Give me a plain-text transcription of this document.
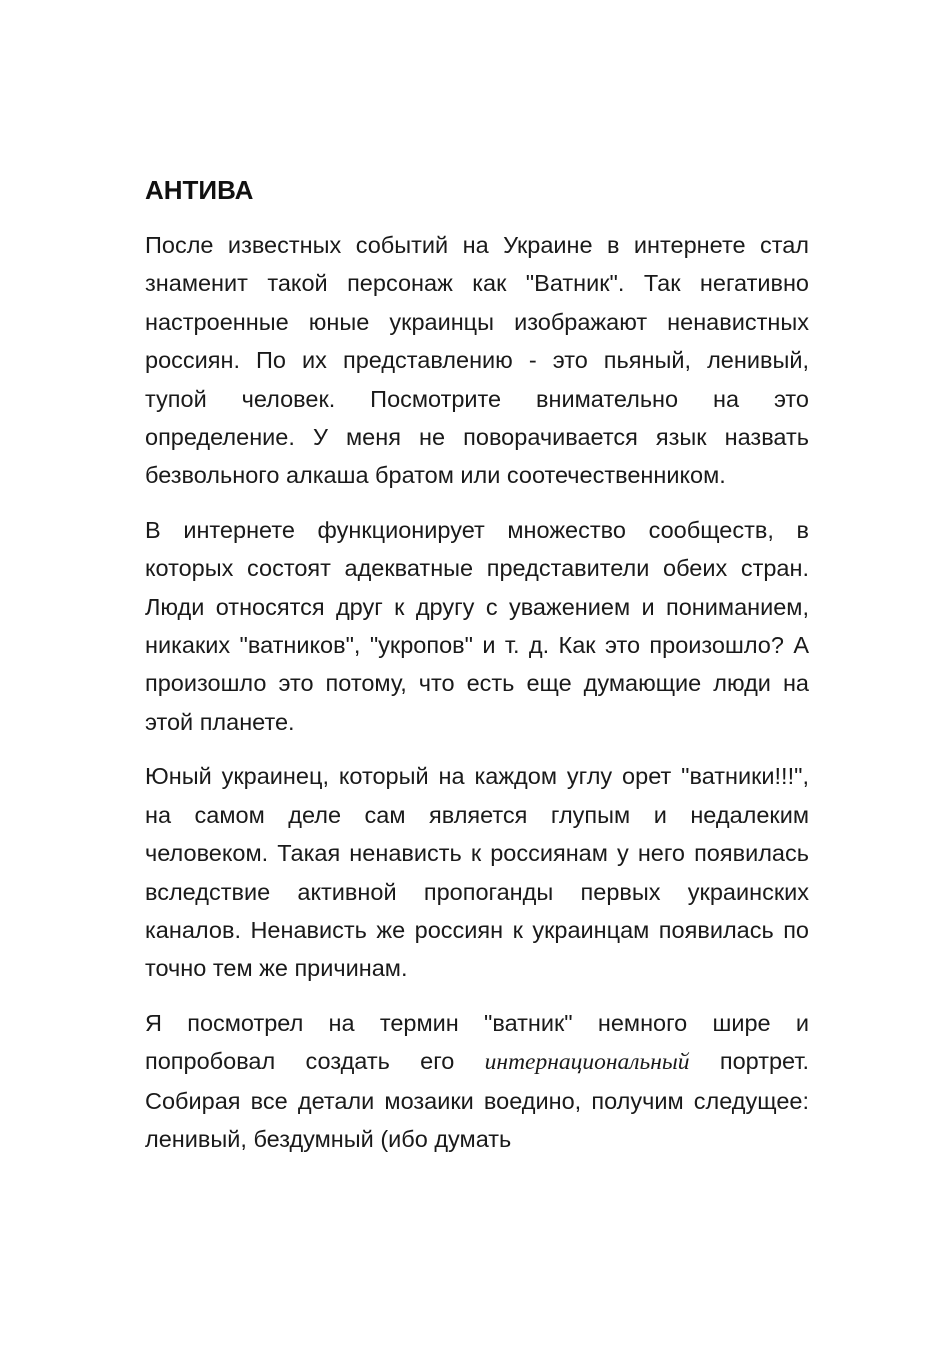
АНТИВА

После известных событий на Украине в интернете стал знаменит такой персонаж как "Ватник". Так негативно настроенные юные украинцы изображают ненавистных россиян. По их представлению - это пьяный, ленивый, тупой человек. Посмотрите внимательно на это определение. У меня не поворачивается язык назвать безвольного алкаша братом или соотечественником.

В интернете функционирует множество сообществ, в которых состоят адекватные представители обеих стран. Люди относятся друг к другу с уважением и пониманием, никаких "ватников", "укропов" и т. д. Как это произошло? А произошло это потому, что есть еще думающие люди на этой планете.

Юный украинец, который на каждом углу орет "ватники!!!", на самом деле сам является глупым и недалеким человеком. Такая ненависть к россиянам у него появилась вследствие активной пропоганды первых украинских каналов. Ненависть же россиян к украинцам появилась по точно тем же причинам.

Я посмотрел на термин "ватник" немного шире и попробовал создать его интернациональный портрет. Собирая все детали мозаики воедино, получим следущее: ленивый, бездумный (ибо думать
